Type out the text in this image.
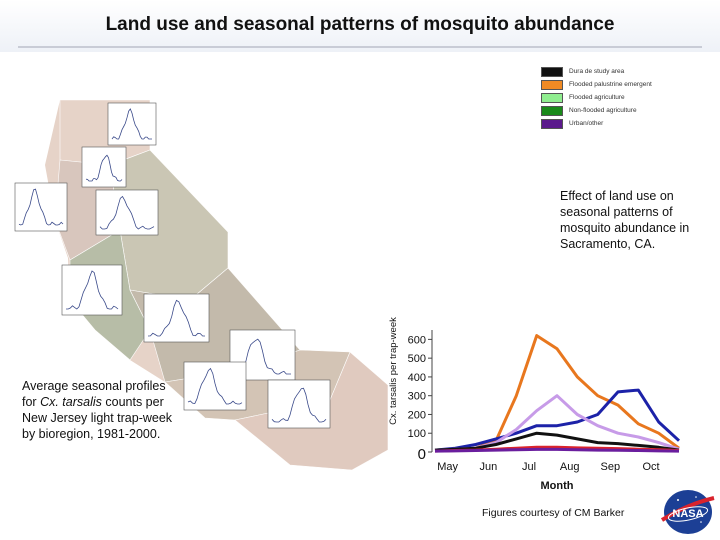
Land use and seasonal patterns of mosquito abundance
Dura de study area
Flooded palustrine emergent
Flooded agriculture
Non-flooded agriculture
Urban/other
Effect of land use on seasonal patterns of mosquito abundance in Sacramento, CA.
Average seasonal profiles for Cx. tarsalis counts per New Jersey light trap-week by bioregion, 1981-2000.
0
100
200
300
400
500
600
May Jun Jul Aug Sep Oct
Month
Cx. tarsalis per trap-week
Figures courtesy of CM Barker	NASA
